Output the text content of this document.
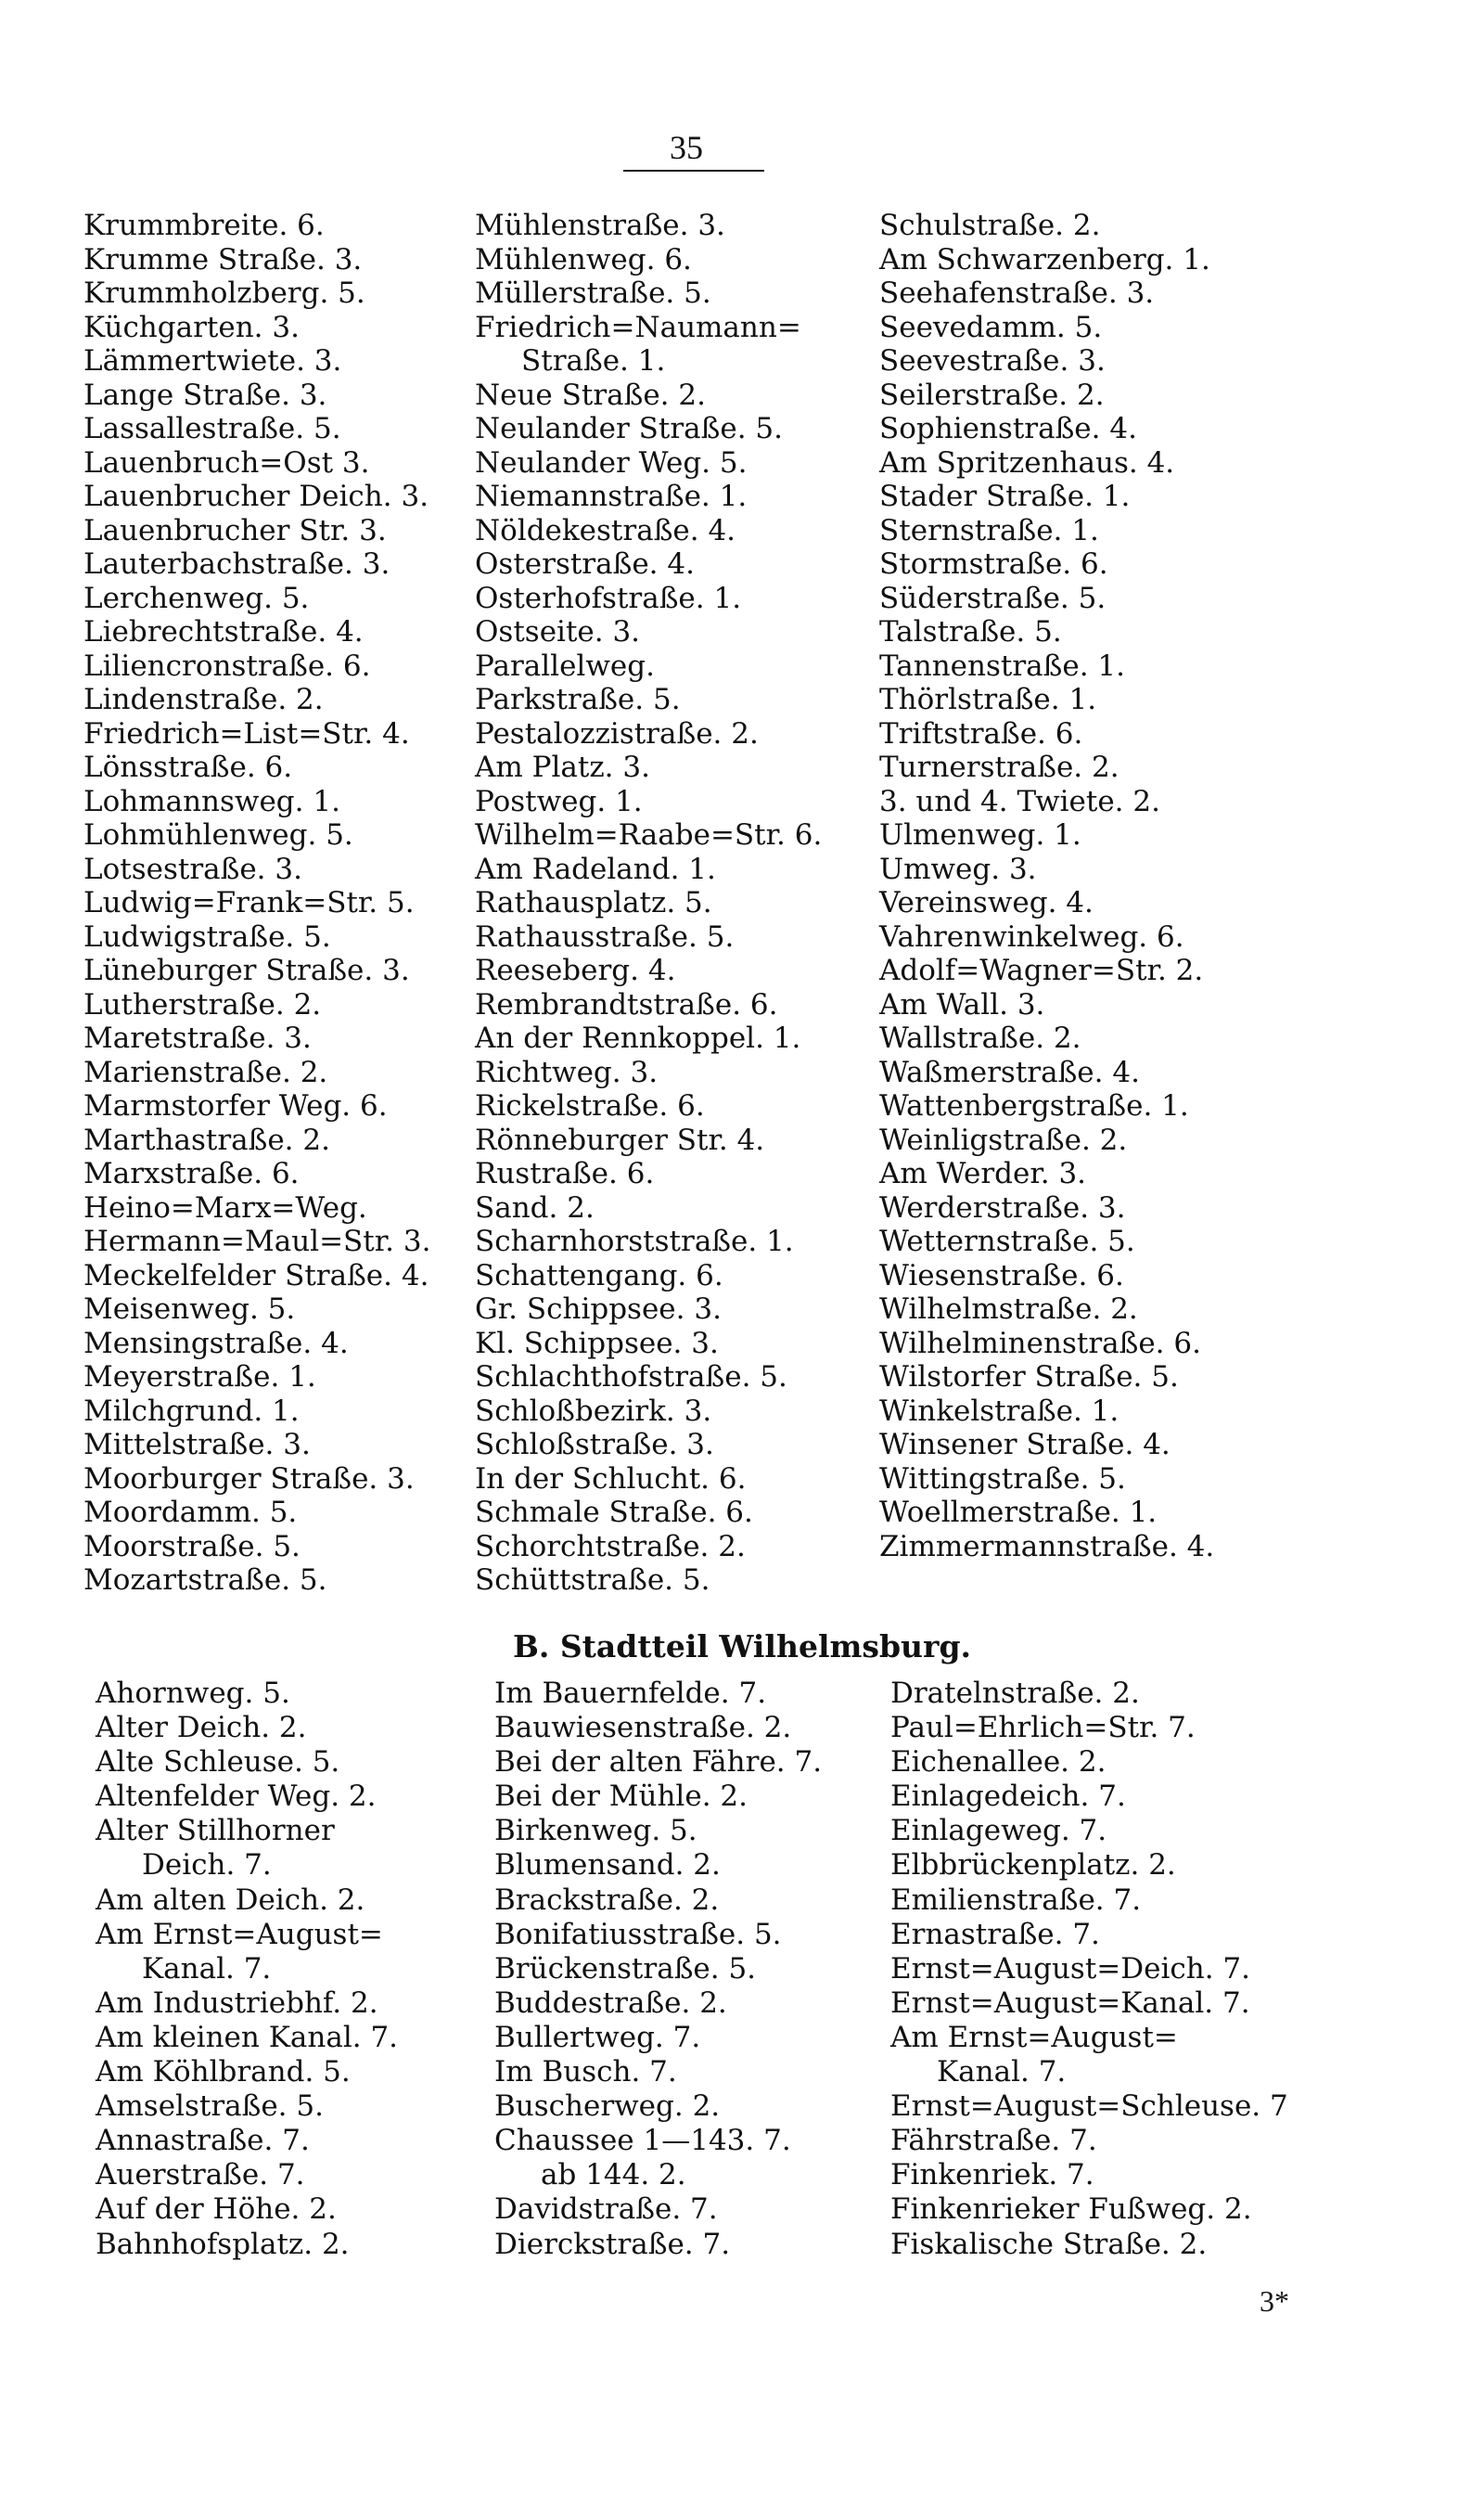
35
Krummbreite. 6.
Krumme Straße. 3.
Krummholzberg. 5.
Küchgarten. 3.
Lämmertwiete. 3.
Lange Straße. 3.
Lassallestraße. 5.
Lauenbruch=Ost 3.
Lauenbrucher Deich. 3.
Lauenbrucher Str. 3.
Lauterbachstraße. 3.
Lerchenweg. 5.
Liebrechtstraße. 4.
Liliencronstraße. 6.
Lindenstraße. 2.
Friedrich=List=Str. 4.
Lönsstraße. 6.
Lohmannsweg. 1.
Lohmühlenweg. 5.
Lotsestraße. 3.
Ludwig=Frank=Str. 5.
Ludwigstraße. 5.
Lüneburger Straße. 3.
Lutherstraße. 2.
Maretstraße. 3.
Marienstraße. 2.
Marmstorfer Weg. 6.
Marthastraße. 2.
Marxstraße. 6.
Heino=Marx=Weg.
Hermann=Maul=Str. 3.
Meckelfelder Straße. 4.
Meisenweg. 5.
Mensingstraße. 4.
Meyerstraße. 1.
Milchgrund. 1.
Mittelstraße. 3.
Moorburger Straße. 3.
Moordamm. 5.
Moorstraße. 5.
Mozartstraße. 5.
Mühlenstraße. 3.
Mühlenweg. 6.
Müllerstraße. 5.
Friedrich=Naumann=
Straße. 1.
Neue Straße. 2.
Neulander Straße. 5.
Neulander Weg. 5.
Niemannstraße. 1.
Nöldekestraße. 4.
Osterstraße. 4.
Osterhofstraße. 1.
Ostseite. 3.
Parallelweg.
Parkstraße. 5.
Pestalozzistraße. 2.
Am Platz. 3.
Postweg. 1.
Wilhelm=Raabe=Str. 6.
Am Radeland. 1.
Rathausplatz. 5.
Rathausstraße. 5.
Reeseberg. 4.
Rembrandtstraße. 6.
An der Rennkoppel. 1.
Richtweg. 3.
Rickelstraße. 6.
Rönneburger Str. 4.
Rustraße. 6.
Sand. 2.
Scharnhorststraße. 1.
Schattengang. 6.
Gr. Schippsee. 3.
Kl. Schippsee. 3.
Schlachthofstraße. 5.
Schloßbezirk. 3.
Schloßstraße. 3.
In der Schlucht. 6.
Schmale Straße. 6.
Schorchtstraße. 2.
Schüttstraße. 5.
Schulstraße. 2.
Am Schwarzenberg. 1.
Seehafenstraße. 3.
Seevedamm. 5.
Seevestraße. 3.
Seilerstraße. 2.
Sophienstraße. 4.
Am Spritzenhaus. 4.
Stader Straße. 1.
Sternstraße. 1.
Stormstraße. 6.
Süderstraße. 5.
Talstraße. 5.
Tannenstraße. 1.
Thörlstraße. 1.
Triftstraße. 6.
Turnerstraße. 2.
3. und 4. Twiete. 2.
Ulmenweg. 1.
Umweg. 3.
Vereinsweg. 4.
Vahrenwinkelweg. 6.
Adolf=Wagner=Str. 2.
Am Wall. 3.
Wallstraße. 2.
Waßmerstraße. 4.
Wattenbergstraße. 1.
Weinligstraße. 2.
Am Werder. 3.
Werderstraße. 3.
Wetternstraße. 5.
Wiesenstraße. 6.
Wilhelmstraße. 2.
Wilhelminenstraße. 6.
Wilstorfer Straße. 5.
Winkelstraße. 1.
Winsener Straße. 4.
Wittingstraße. 5.
Woellmerstraße. 1.
Zimmermannstraße. 4.
B. Stadtteil Wilhelmsburg.
Ahornweg. 5.
Alter Deich. 2.
Alte Schleuse. 5.
Altenfelder Weg. 2.
Alter Stillhorner
Deich. 7.
Am alten Deich. 2.
Am Ernst=August=
Kanal. 7.
Am Industriebhf. 2.
Am kleinen Kanal. 7.
Am Köhlbrand. 5.
Amselstraße. 5.
Annastraße. 7.
Auerstraße. 7.
Auf der Höhe. 2.
Bahnhofsplatz. 2.
Im Bauernfelde. 7.
Bauwiesenstraße. 2.
Bei der alten Fähre. 7.
Bei der Mühle. 2.
Birkenweg. 5.
Blumensand. 2.
Brackstraße. 2.
Bonifatiusstraße. 5.
Brückenstraße. 5.
Buddestraße. 2.
Bullertweg. 7.
Im Busch. 7.
Buscherweg. 2.
Chaussee 1—143. 7.
ab 144. 2.
Davidstraße. 7.
Dierckstraße. 7.
Dratelnstraße. 2.
Paul=Ehrlich=Str. 7.
Eichenallee. 2.
Einlagedeich. 7.
Einlageweg. 7.
Elbbrückenplatz. 2.
Emilienstraße. 7.
Ernastraße. 7.
Ernst=August=Deich. 7.
Ernst=August=Kanal. 7.
Am Ernst=August=
Kanal. 7.
Ernst=August=Schleuse. 7
Fährstraße. 7.
Finkenriek. 7.
Finkenrieker Fußweg. 2.
Fiskalische Straße. 2.
3*
